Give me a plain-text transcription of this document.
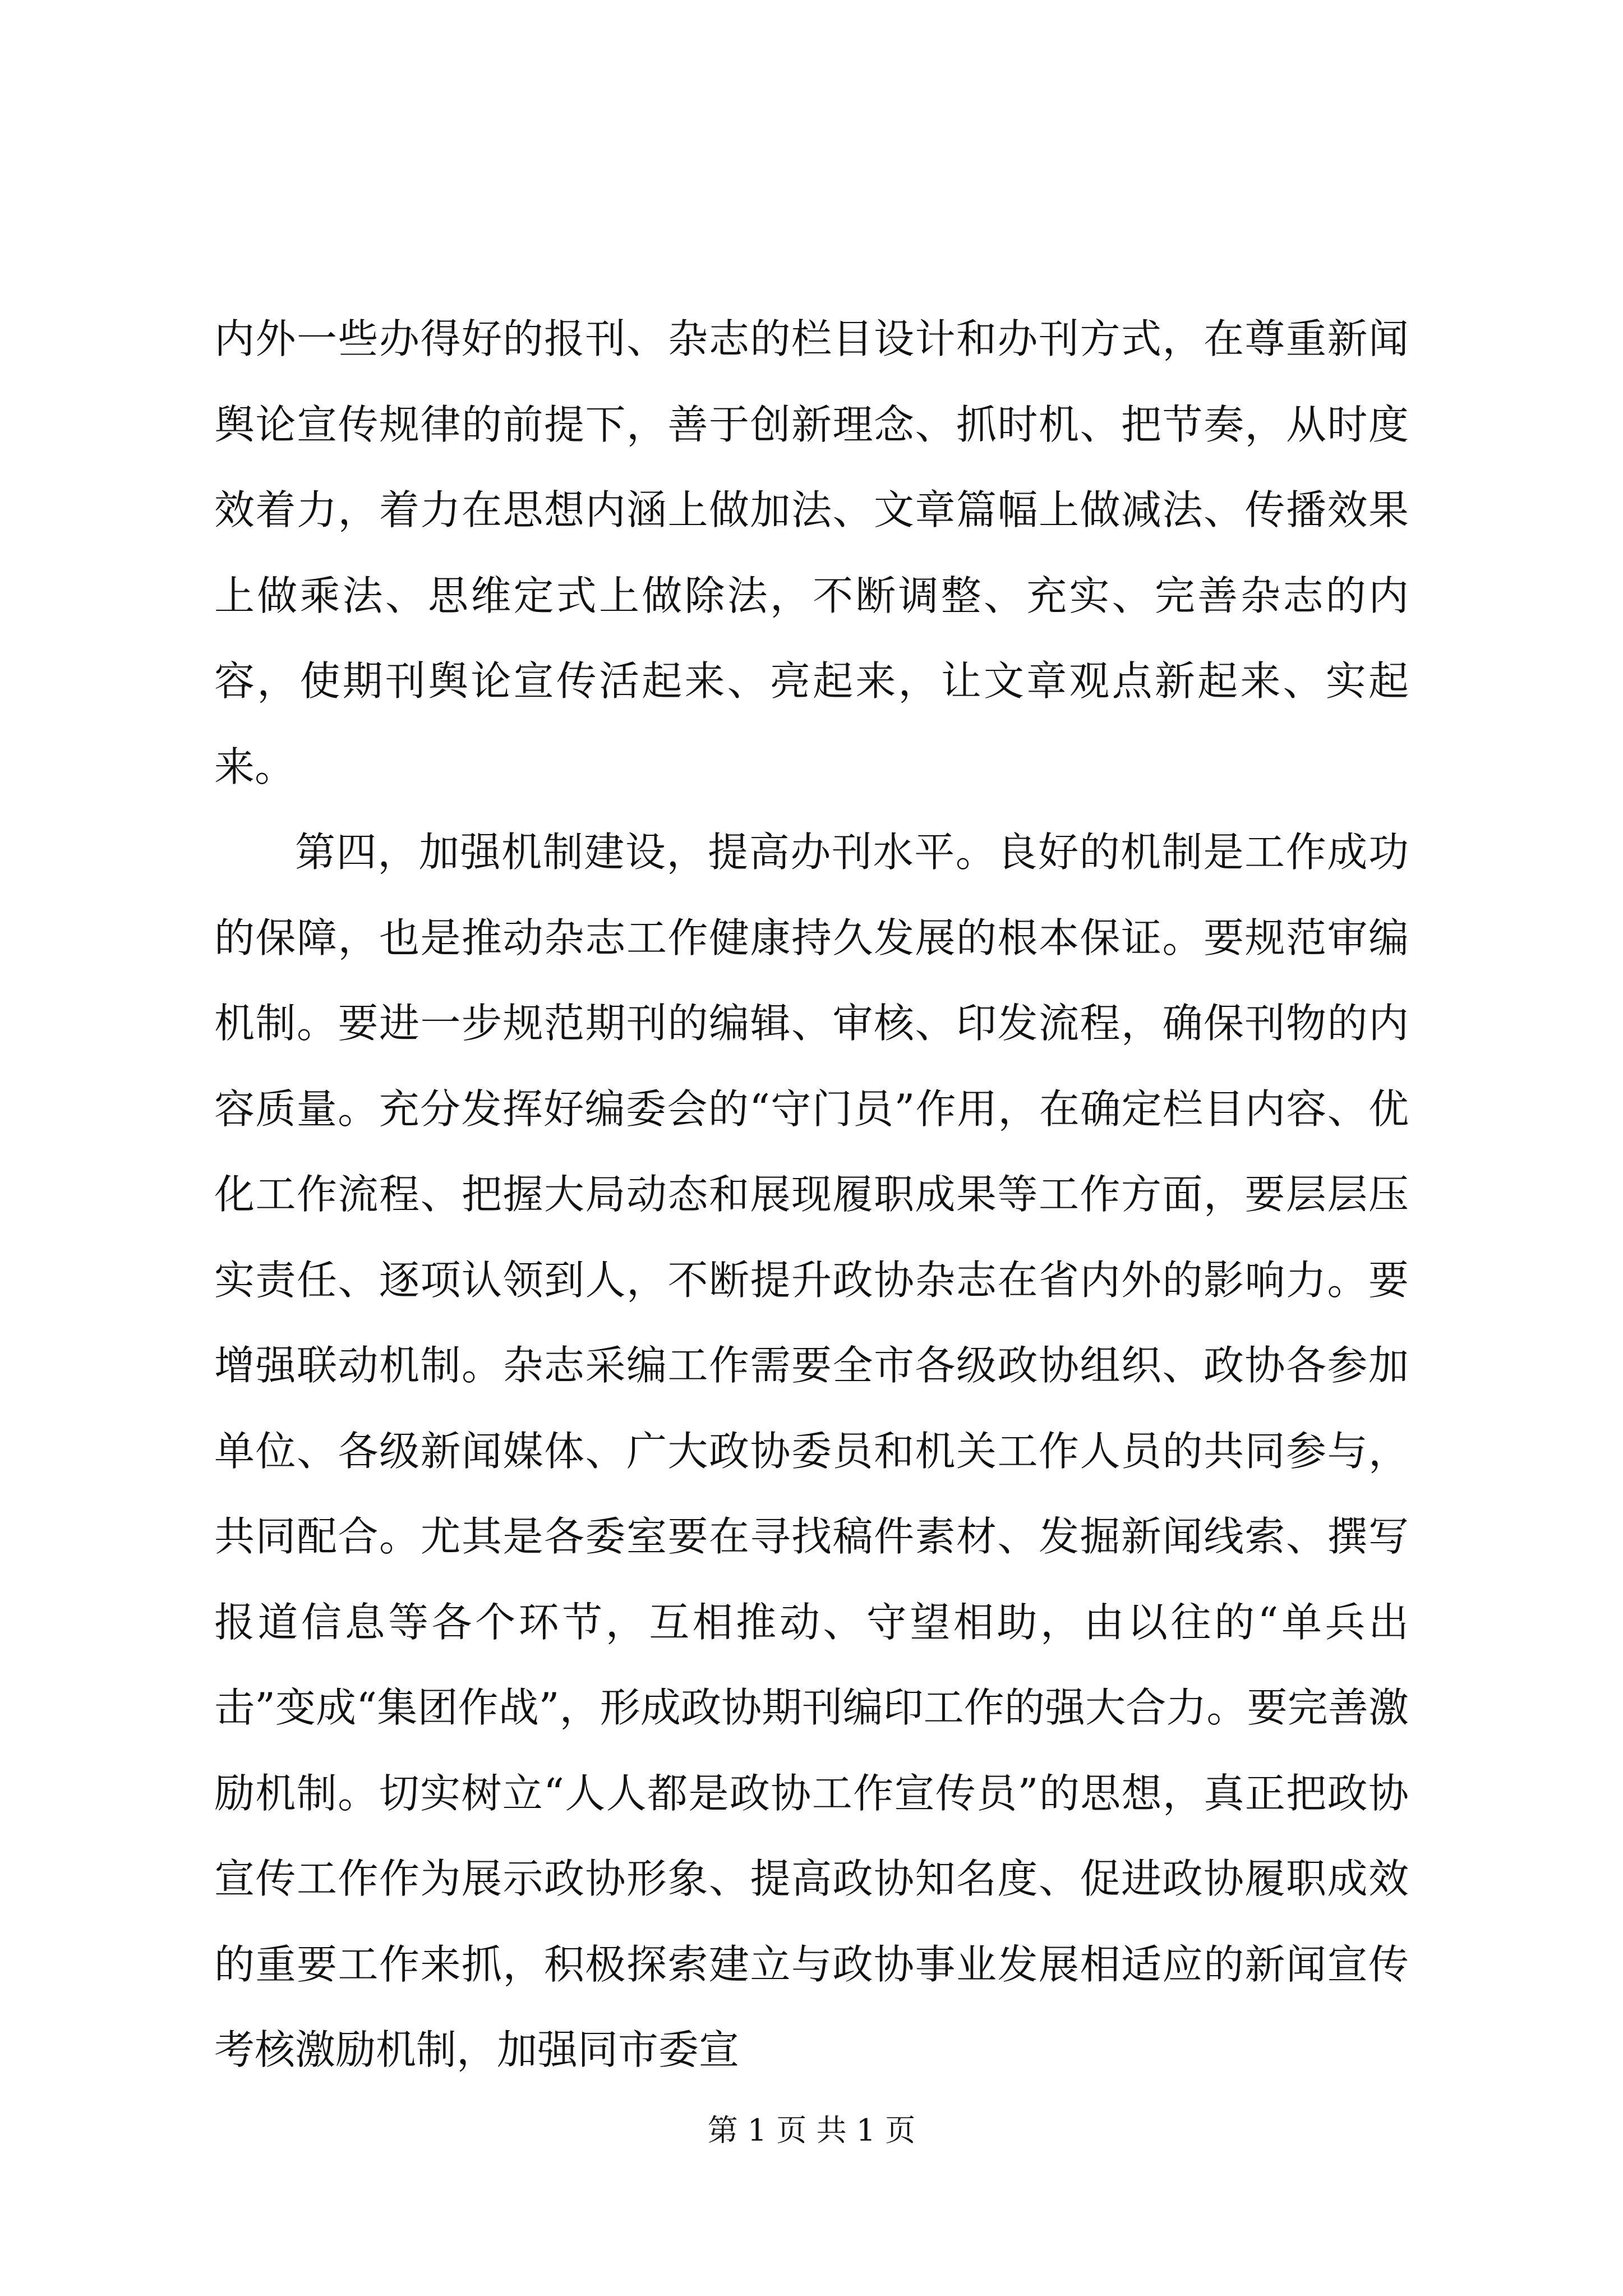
内外一些办得好的报刊、杂志的栏目设计和办刊方式，在尊重新闻舆论宣传规律的前提下，善于创新理念、抓时机、把节奏，从时度效着力，着力在思想内涵上做加法、文章篇幅上做减法、传播效果上做乘法、思维定式上做除法，不断调整、充实、完善杂志的内容，使期刊舆论宣传活起来、亮起来，让文章观点新起来、实起来。

第四，加强机制建设，提高办刊水平。良好的机制是工作成功的保障，也是推动杂志工作健康持久发展的根本保证。要规范审编机制。要进一步规范期刊的编辑、审核、印发流程，确保刊物的内容质量。充分发挥好编委会的“守门员”作用，在确定栏目内容、优化工作流程、把握大局动态和展现履职成果等工作方面，要层层压实责任、逐项认领到人，不断提升政协杂志在省内外的影响力。要增强联动机制。杂志采编工作需要全市各级政协组织、政协各参加单位、各级新闻媒体、广大政协委员和机关工作人员的共同参与，共同配合。尤其是各委室要在寻找稿件素材、发掘新闻线索、撰写报道信息等各个环节，互相推动、守望相助，由以往的“单兵出击”变成“集团作战”，形成政协期刊编印工作的强大合力。要完善激励机制。切实树立“人人都是政协工作宣传员”的思想，真正把政协宣传工作作为展示政协形象、提高政协知名度、促进政协履职成效的重要工作来抓，积极探索建立与政协事业发展相适应的新闻宣传考核激励机制，加强同市委宣

第 1 页 共 1 页
